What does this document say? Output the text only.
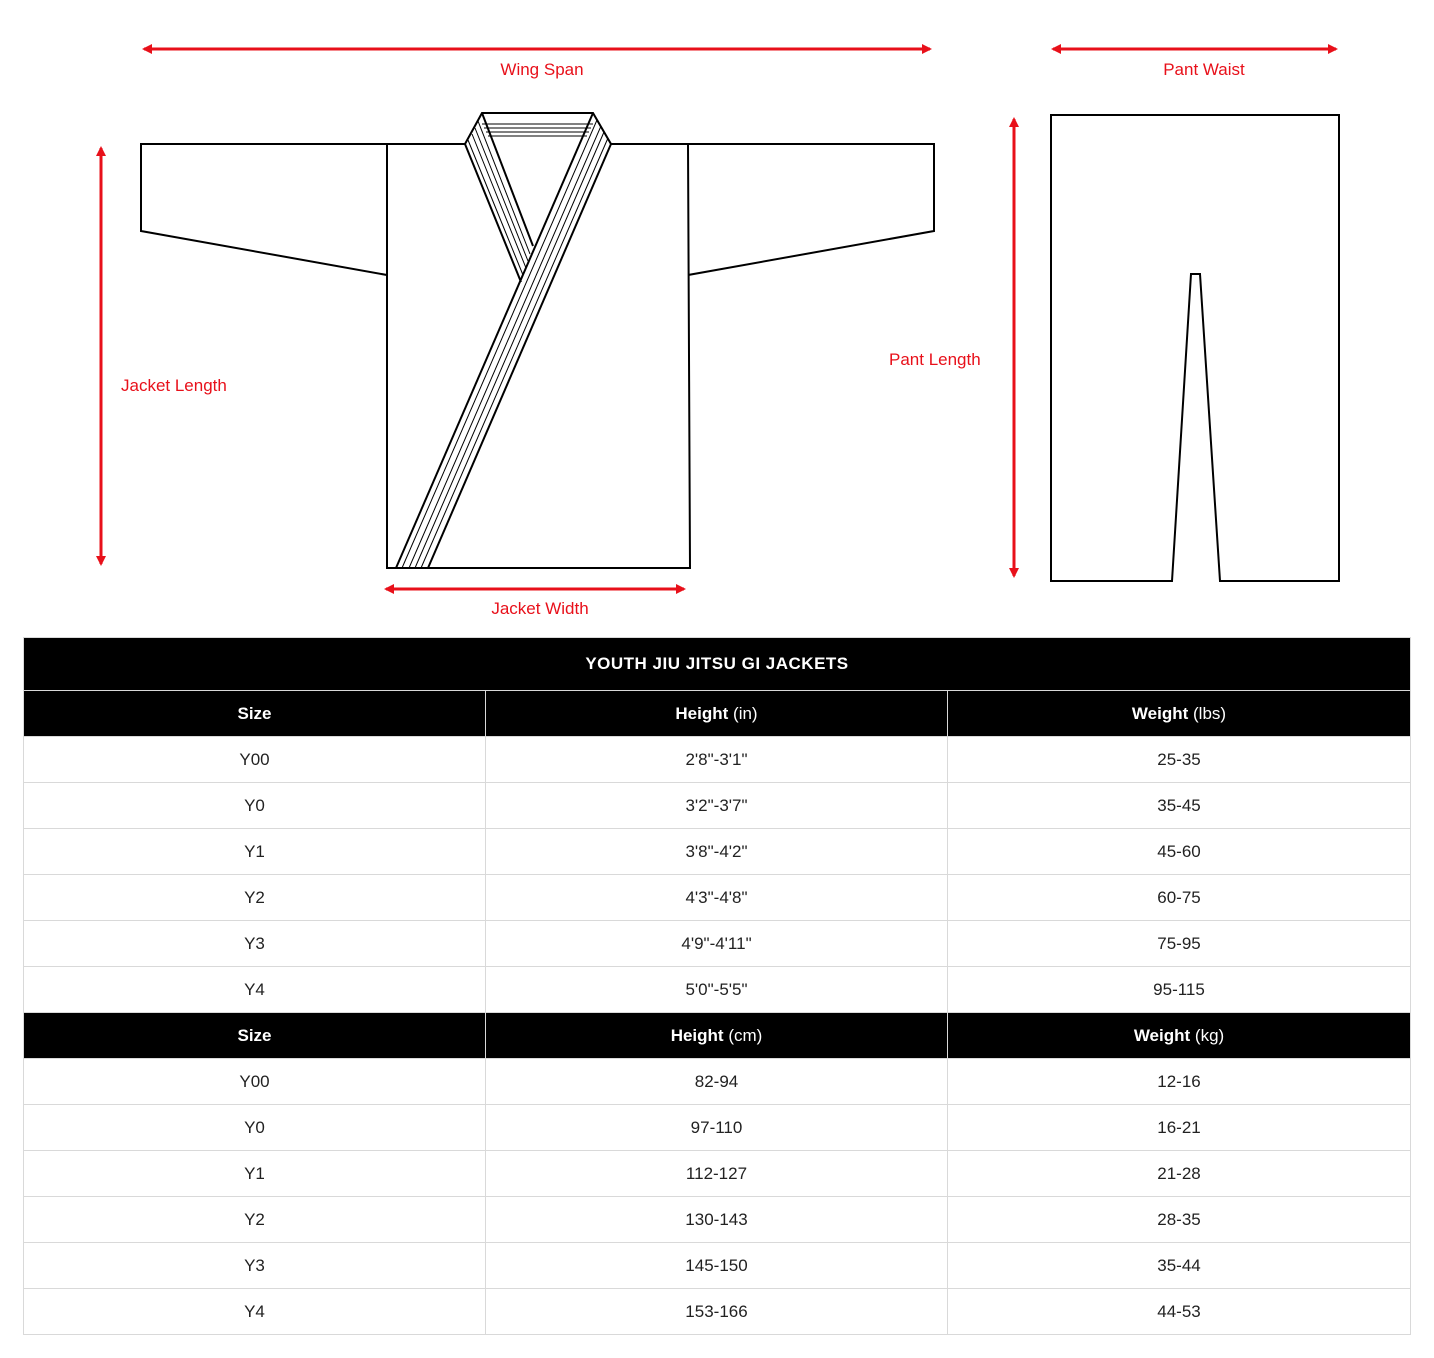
Wing Span	Pant Waist
Jacket Length
Pant Length
Jacket Width
YOUTH JIU JITSU GI JACKETS		
Size	Height (in)	Weight (lbs)
Y00	2'8"-3'1"	25-35
Y0	3'2"-3'7"	35-45
Y1	3'8"-4'2"	45-60
Y2	4'3"-4'8"	60-75
Y3	4'9"-4'11"	75-95
Y4	5'0"-5'5"	95-115
Size	Height (cm)	Weight (kg)
Y00	82-94	12-16
Y0	97-110	16-21
Y1	112-127	21-28
Y2	130-143	28-35
Y3	145-150	35-44
Y4	153-166	44-53
